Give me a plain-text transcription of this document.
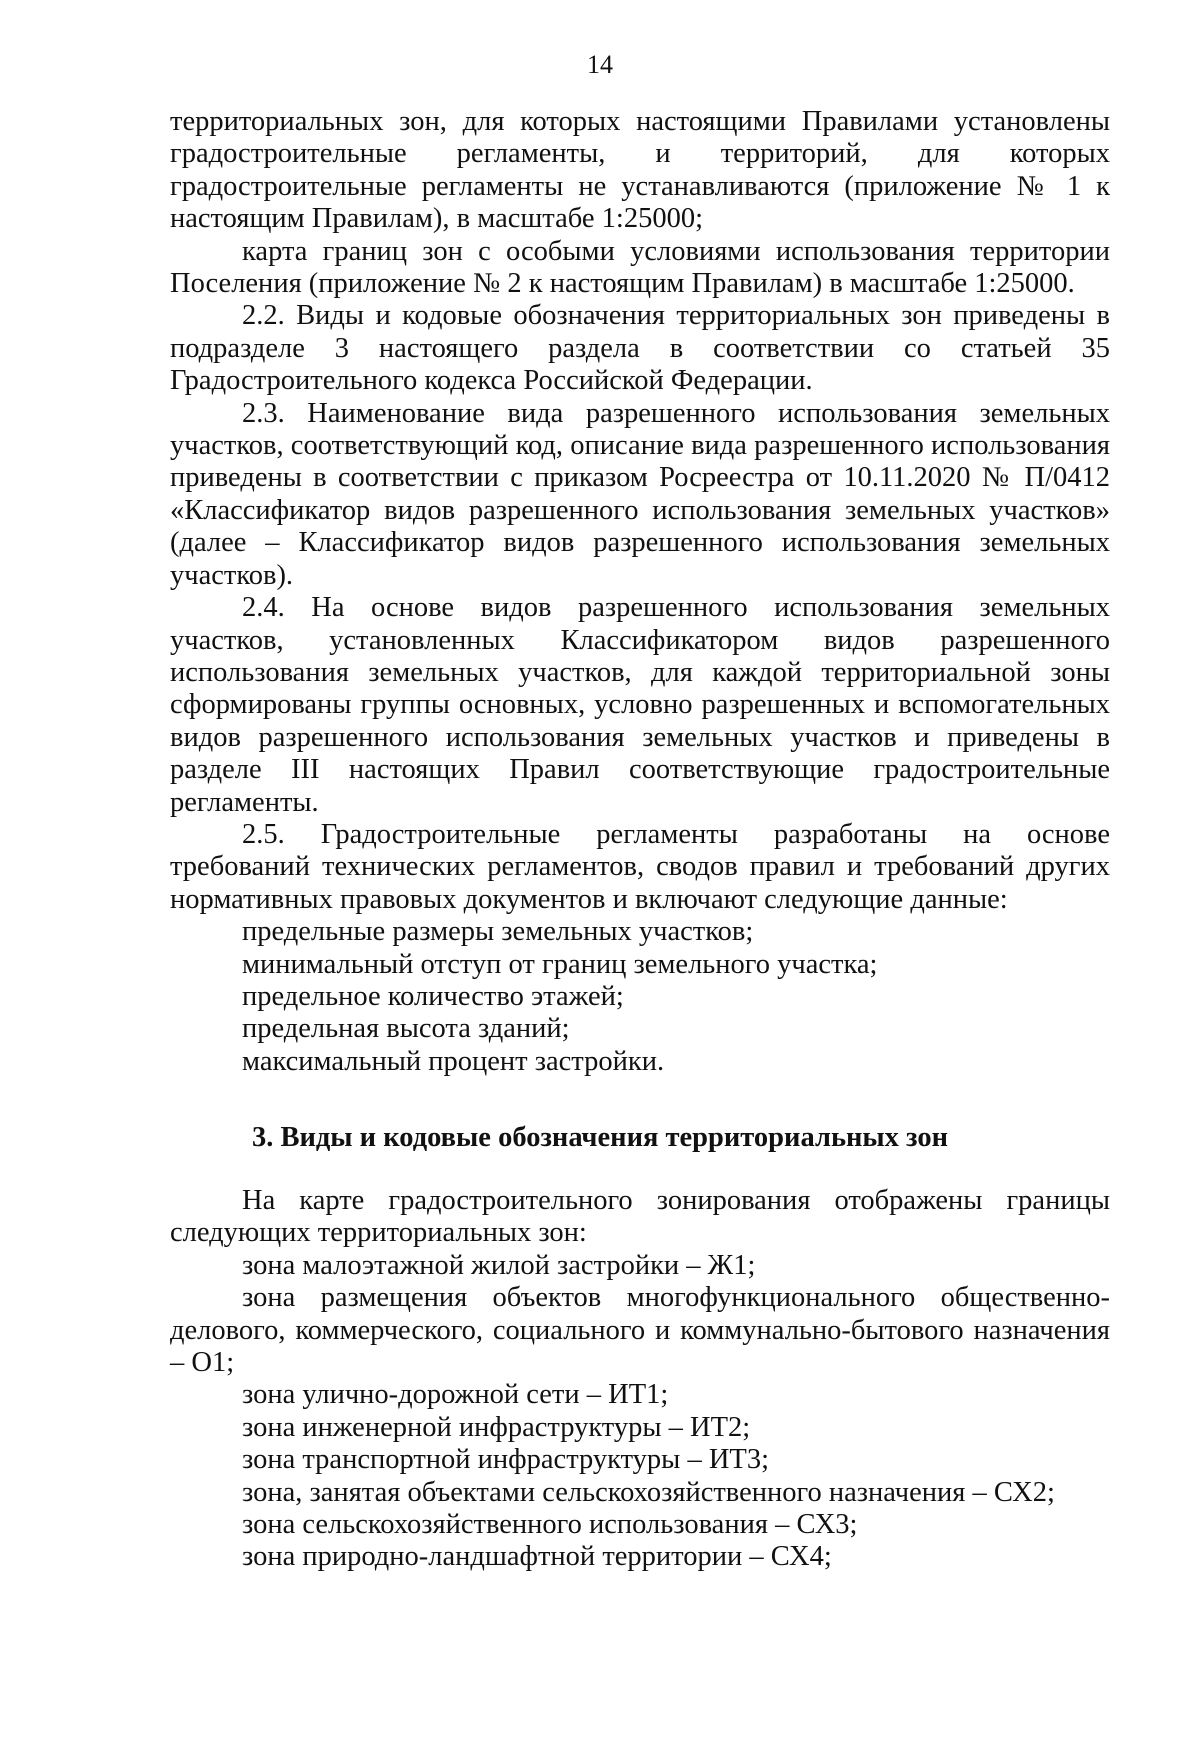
14

территориальных зон, для которых настоящими Правилами установлены градостроительные регламенты, и территорий, для которых градостроительные регламенты не устанавливаются (приложение № 1 к настоящим Правилам), в масштабе 1:25000;

карта границ зон с особыми условиями использования территории Поселения (приложение № 2 к настоящим Правилам) в масштабе 1:25000.

2.2. Виды и кодовые обозначения территориальных зон приведены в подразделе 3 настоящего раздела в соответствии со статьей 35 Градостроительного кодекса Российской Федерации.

2.3. Наименование вида разрешенного использования земельных участков, соответствующий код, описание вида разрешенного использования приведены в соответствии с приказом Росреестра от 10.11.2020 № П/0412 «Классификатор видов разрешенного использования земельных участков» (далее – Классификатор видов разрешенного использования земельных участков).

2.4. На основе видов разрешенного использования земельных участков, установленных Классификатором видов разрешенного использования земельных участков, для каждой территориальной зоны сформированы группы основных, условно разрешенных и вспомогательных видов разрешенного использования земельных участков и приведены в разделе III настоящих Правил соответствующие градостроительные регламенты.

2.5. Градостроительные регламенты разработаны на основе требований технических регламентов, сводов правил и требований других нормативных правовых документов и включают следующие данные:

предельные размеры земельных участков;

минимальный отступ от границ земельного участка;

предельное количество этажей;

предельная высота зданий;

максимальный процент застройки.

3. Виды и кодовые обозначения территориальных зон

На карте градостроительного зонирования отображены границы следующих территориальных зон:

зона малоэтажной жилой застройки – Ж1;

зона размещения объектов многофункционального общественно-делового, коммерческого, социального и коммунально-бытового назначения – О1;

зона улично-дорожной сети – ИТ1;

зона инженерной инфраструктуры – ИТ2;

зона транспортной инфраструктуры – ИТ3;

зона, занятая объектами сельскохозяйственного назначения – СХ2;

зона сельскохозяйственного использования – СХ3;

зона природно-ландшафтной территории – СХ4;
